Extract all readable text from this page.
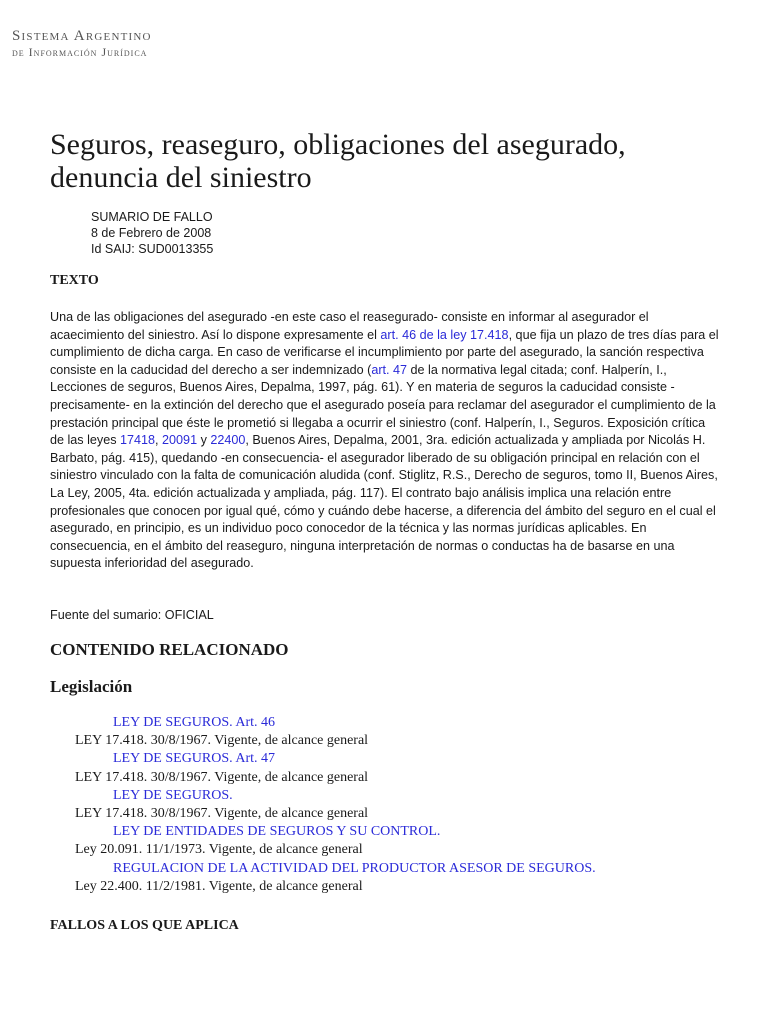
Sistema Argentino
de Información Jurídica
Seguros, reaseguro, obligaciones del asegurado, denuncia del siniestro
SUMARIO DE FALLO
8 de Febrero de 2008
Id SAIJ: SUD0013355
TEXTO

Una de las obligaciones del asegurado -en este caso el reasegurado- consiste en informar al asegurador el acaecimiento del siniestro. Así lo dispone expresamente el art. 46 de la ley 17.418, que fija un plazo de tres días para el cumplimiento de dicha carga. En caso de verificarse el incumplimiento por parte del asegurado, la sanción respectiva consiste en la caducidad del derecho a ser indemnizado (art. 47 de la normativa legal citada; conf. Halperín, I., Lecciones de seguros, Buenos Aires, Depalma, 1997, pág. 61). Y en materia de seguros la caducidad consiste -precisamente- en la extinción del derecho que el asegurado poseía para reclamar del asegurador el cumplimiento de la prestación principal que éste le prometió si llegaba a ocurrir el siniestro (conf. Halperín, I., Seguros. Exposición crítica de las leyes 17418, 20091 y 22400, Buenos Aires, Depalma, 2001, 3ra. edición actualizada y ampliada por Nicolás H. Barbato, pág. 415), quedando -en consecuencia- el asegurador liberado de su obligación principal en relación con el siniestro vinculado con la falta de comunicación aludida (conf. Stiglitz, R.S., Derecho de seguros, tomo II, Buenos Aires, La Ley, 2005, 4ta. edición actualizada y ampliada, pág. 117). El contrato bajo análisis implica una relación entre profesionales que conocen por igual qué, cómo y cuándo debe hacerse, a diferencia del ámbito del seguro en el cual el asegurado, en principio, es un individuo poco conocedor de la técnica y las normas jurídicas aplicables. En consecuencia, en el ámbito del reaseguro, ninguna interpretación de normas o conductas ha de basarse en una supuesta inferioridad del asegurado.

Fuente del sumario: OFICIAL

CONTENIDO RELACIONADO
Legislación
LEY DE SEGUROS. Art. 46
LEY 17.418. 30/8/1967. Vigente, de alcance general
LEY DE SEGUROS. Art. 47
LEY 17.418. 30/8/1967. Vigente, de alcance general
LEY DE SEGUROS.
LEY 17.418. 30/8/1967. Vigente, de alcance general
LEY DE ENTIDADES DE SEGUROS Y SU CONTROL.
Ley 20.091. 11/1/1973. Vigente, de alcance general
REGULACION DE LA ACTIVIDAD DEL PRODUCTOR ASESOR DE SEGUROS.
Ley 22.400. 11/2/1981. Vigente, de alcance general
FALLOS A LOS QUE APLICA
